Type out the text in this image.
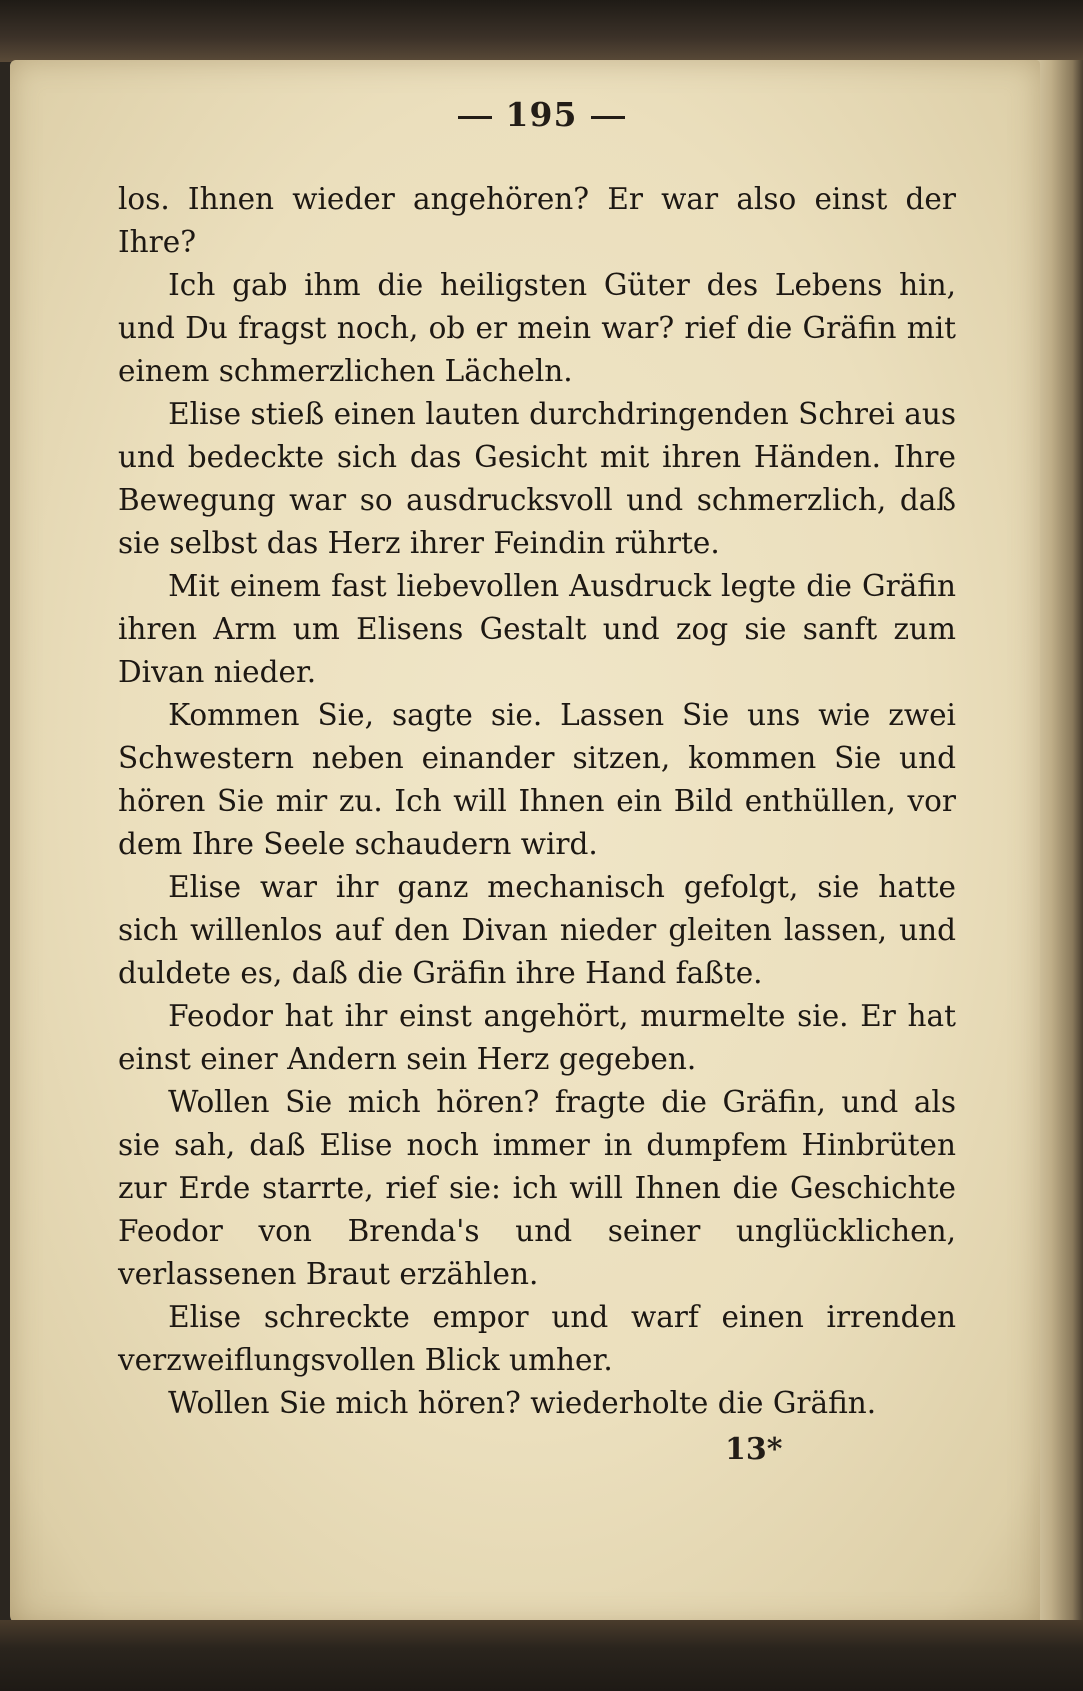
195

los. Ihnen wieder angehören? Er war also einst der Ihre?

Ich gab ihm die heiligsten Güter des Lebens hin, und Du fragst noch, ob er mein war? rief die Gräfin mit einem schmerzlichen Lächeln.

Elise stieß einen lauten durchdringenden Schrei aus und bedeckte sich das Gesicht mit ihren Händen. Ihre Bewegung war so ausdrucksvoll und schmerzlich, daß sie selbst das Herz ihrer Feindin rührte.

Mit einem fast liebevollen Ausdruck legte die Gräfin ihren Arm um Elisens Gestalt und zog sie sanft zum Divan nieder.

Kommen Sie, sagte sie. Lassen Sie uns wie zwei Schwestern neben einander sitzen, kommen Sie und hören Sie mir zu. Ich will Ihnen ein Bild enthüllen, vor dem Ihre Seele schaudern wird.

Elise war ihr ganz mechanisch gefolgt, sie hatte sich willenlos auf den Divan nieder gleiten lassen, und duldete es, daß die Gräfin ihre Hand faßte.

Feodor hat ihr einst angehört, murmelte sie. Er hat einst einer Andern sein Herz gegeben.

Wollen Sie mich hören? fragte die Gräfin, und als sie sah, daß Elise noch immer in dumpfem Hinbrüten zur Erde starrte, rief sie: ich will Ihnen die Geschichte Feodor von Brenda's und seiner unglücklichen, verlassenen Braut erzählen.

Elise schreckte empor und warf einen irrenden verzweiflungsvollen Blick umher.

Wollen Sie mich hören? wiederholte die Gräfin.

13*
